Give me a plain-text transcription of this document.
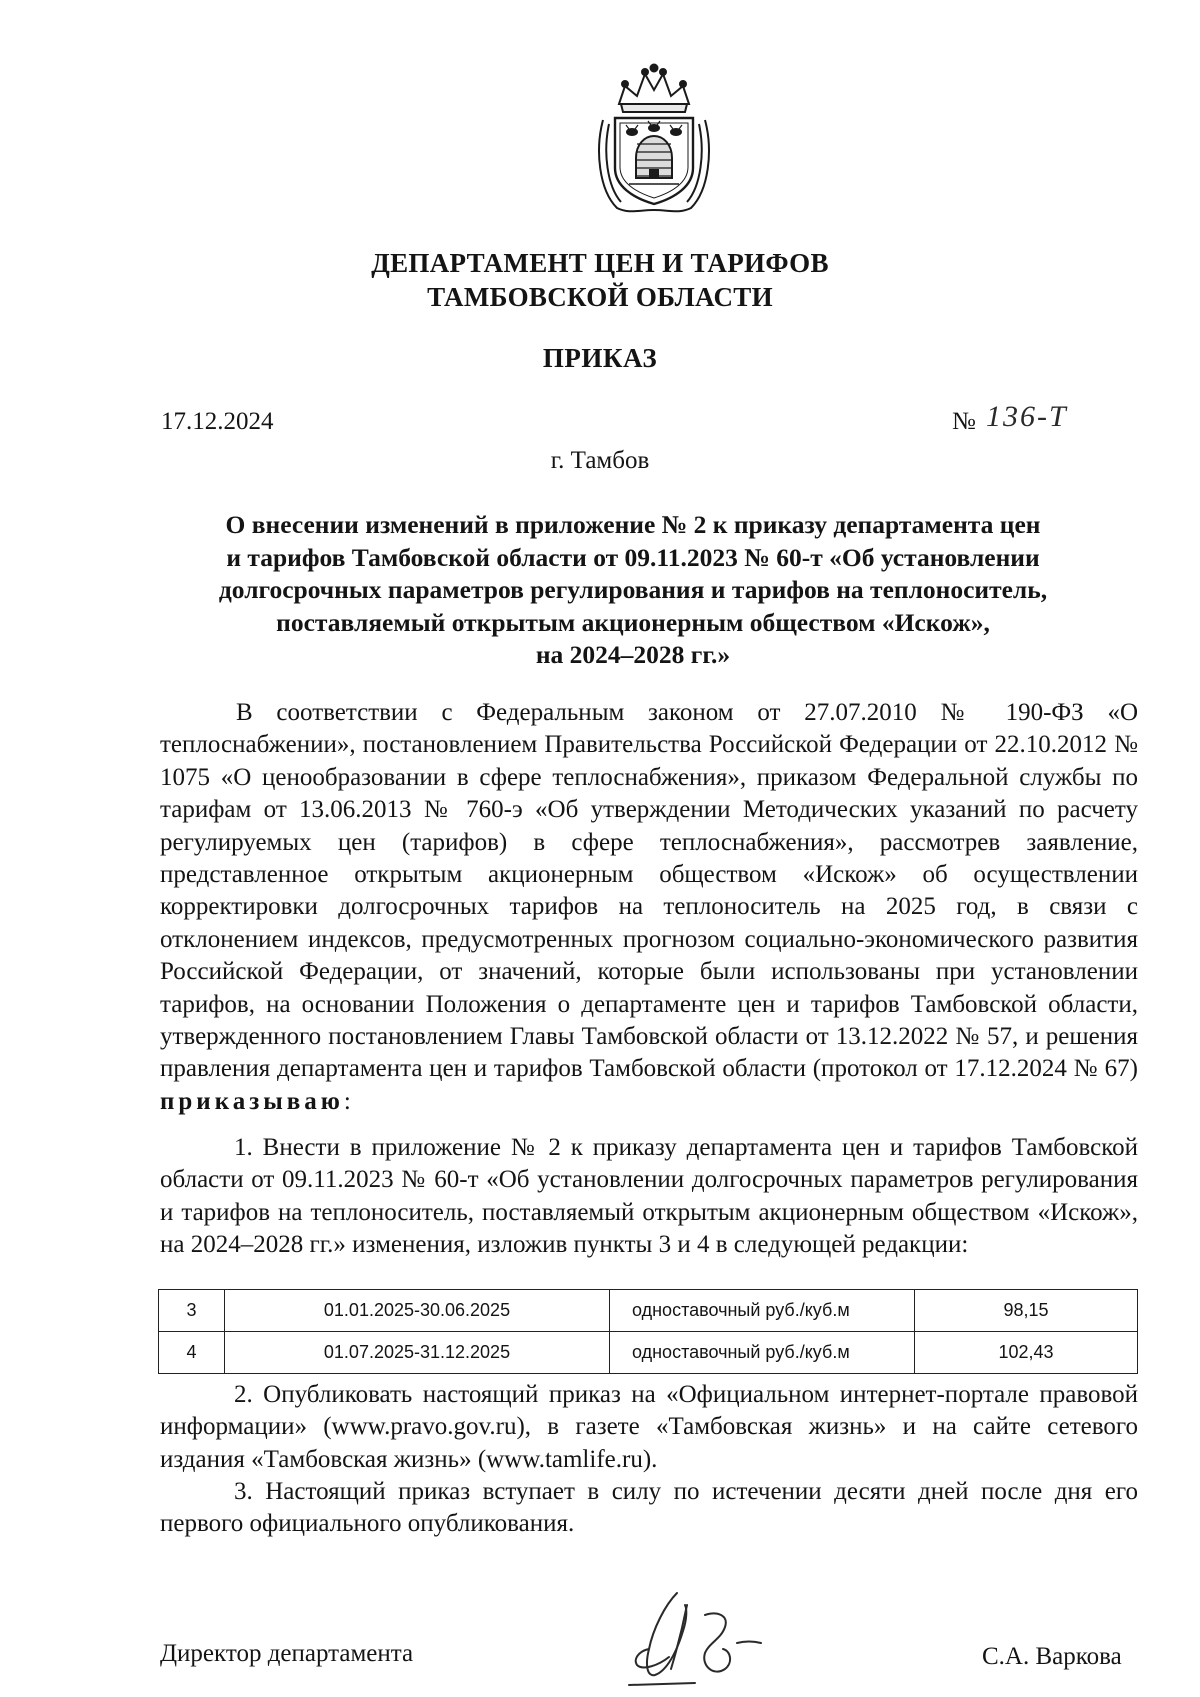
ДЕПАРТАМЕНТ ЦЕН И ТАРИФОВ
ТАМБОВСКОЙ ОБЛАСТИ
ПРИКАЗ
17.12.2024	№ 136-Т
г. Тамбов
О внесении изменений в приложение № 2 к приказу департамента цен
и тарифов Тамбовской области от 09.11.2023 № 60-т «Об установлении
долгосрочных параметров регулирования и тарифов на теплоноситель,
поставляемый открытым акционерным обществом «Искож»,
на 2024–2028 гг.»
В соответствии с Федеральным законом от 27.07.2010 № 190-ФЗ «О теплоснабжении», постановлением Правительства Российской Федерации от 22.10.2012 № 1075 «О ценообразовании в сфере теплоснабжения», приказом Федеральной службы по тарифам от 13.06.2013 № 760-э «Об утверждении Методических указаний по расчету регулируемых цен (тарифов) в сфере теплоснабжения», рассмотрев заявление, представленное открытым акционерным обществом «Искож» об осуществлении корректировки долгосрочных тарифов на теплоноситель на 2025 год, в связи с отклонением индексов, предусмотренных прогнозом социально-экономического развития Российской Федерации, от значений, которые были использованы при установлении тарифов, на основании Положения о департаменте цен и тарифов Тамбовской области, утвержденного постановлением Главы Тамбовской области от 13.12.2022 № 57, и решения правления департамента цен и тарифов Тамбовской области (протокол от 17.12.2024 № 67) приказываю:
1. Внести в приложение № 2 к приказу департамента цен и тарифов Тамбовской области от 09.11.2023 № 60-т «Об установлении долгосрочных параметров регулирования и тарифов на теплоноситель, поставляемый открытым акционерным обществом «Искож», на 2024–2028 гг.» изменения, изложив пункты 3 и 4 в следующей редакции:
3	01.01.2025-30.06.2025	одноставочный руб./куб.м	98,15
4	01.07.2025-31.12.2025	одноставочный руб./куб.м	102,43
2. Опубликовать настоящий приказ на «Официальном интернет-портале правовой информации» (www.pravo.gov.ru), в газете «Тамбовская жизнь» и на сайте сетевого издания «Тамбовская жизнь» (www.tamlife.ru).
3. Настоящий приказ вступает в силу по истечении десяти дней после дня его первого официального опубликования.
Директор департамента	С.А. Варкова
